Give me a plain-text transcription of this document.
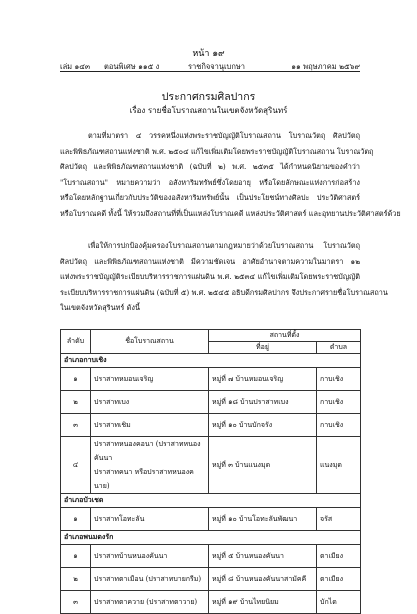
หน้า ๑๙
เล่ม ๑๔๓ ตอนพิเศษ ๑๑๕ ง	ราชกิจจานุเบกษา	๑๑ พฤษภาคม ๒๕๖๙
ประกาศกรมศิลปากร
เรื่อง รายชื่อโบราณสถานในเขตจังหวัดสุรินทร์
ตามที่มาตรา ๔ วรรคหนึ่งแห่งพระราชบัญญัติโบราณสถาน โบราณวัตถุ ศิลปวัตถุ
และพิพิธภัณฑสถานแห่งชาติ พ.ศ. ๒๕๐๔ แก้ไขเพิ่มเติมโดยพระราชบัญญัติโบราณสถาน โบราณวัตถุ
ศิลปวัตถุ และพิพิธภัณฑสถานแห่งชาติ (ฉบับที่ ๒) พ.ศ. ๒๕๓๕ ได้กำหนดนิยามของคำว่า
"โบราณสถาน" หมายความว่า อสังหาริมทรัพย์ซึ่งโดยอายุ หรือโดยลักษณะแห่งการก่อสร้าง
หรือโดยหลักฐานเกี่ยวกับประวัติของอสังหาริมทรัพย์นั้น เป็นประโยชน์ทางศิลปะ ประวัติศาสตร์
หรือโบราณคดี ทั้งนี้ ให้รวมถึงสถานที่ที่เป็นแหล่งโบราณคดี แหล่งประวัติศาสตร์ และอุทยานประวัติศาสตร์ด้วย
เพื่อให้การปกป้องคุ้มครองโบราณสถานตามกฎหมายว่าด้วยโบราณสถาน โบราณวัตถุ
ศิลปวัตถุ และพิพิธภัณฑสถานแห่งชาติ มีความชัดเจน อาศัยอำนาจตามความในมาตรา ๑๒
แห่งพระราชบัญญัติระเบียบบริหารราชการแผ่นดิน พ.ศ. ๒๕๓๔ แก้ไขเพิ่มเติมโดยพระราชบัญญัติ
ระเบียบบริหารราชการแผ่นดิน (ฉบับที่ ๕) พ.ศ. ๒๕๔๕ อธิบดีกรมศิลปากร จึงประกาศรายชื่อโบราณสถาน
ในเขตจังหวัดสุรินทร์ ดังนี้
ลำดับ	ชื่อโบราณสถาน	สถานที่ตั้ง	
		ที่อยู่	ตำบล
อำเภอกาบเชิง			
๑	ปราสาทหมอนเจริญ	หมู่ที่ ๗ บ้านหมอนเจริญ	กาบเชิง
๒	ปราสาทเบง	หมู่ที่ ๑๘ บ้านปราสาทเบง	กาบเชิง
๓	ปราสาทเชิม	หมู่ที่ ๑๐ บ้านบักจรัง	กาบเชิง
๔	ปราสาทหนองคอนา (ปราสาทหนองคันนา
ปราสาทคนา หรือปราสาทหนองคนาย)	หมู่ที่ ๓ บ้านแนงมุด	แนงมุด
อำเภอบัวเชด			
๑	ปราสาทโอทะลัน	หมู่ที่ ๑๐ บ้านโอทะลันพัฒนา	จรัส
อำเภอพนมดงรัก			
๑	ปราสาทบ้านหนองคันนา	หมู่ที่ ๕ บ้านหนองคันนา	ตาเมียง
๒	ปราสาทตาเมือน (ปราสาทบายกรีม)	หมู่ที่ ๘ บ้านหนองคันนาสามัคคี	ตาเมียง
๓	ปราสาทตาควาย (ปราสาทตาวาย)	หมู่ที่ ๑๙ บ้านไทยนิยม	บักได
